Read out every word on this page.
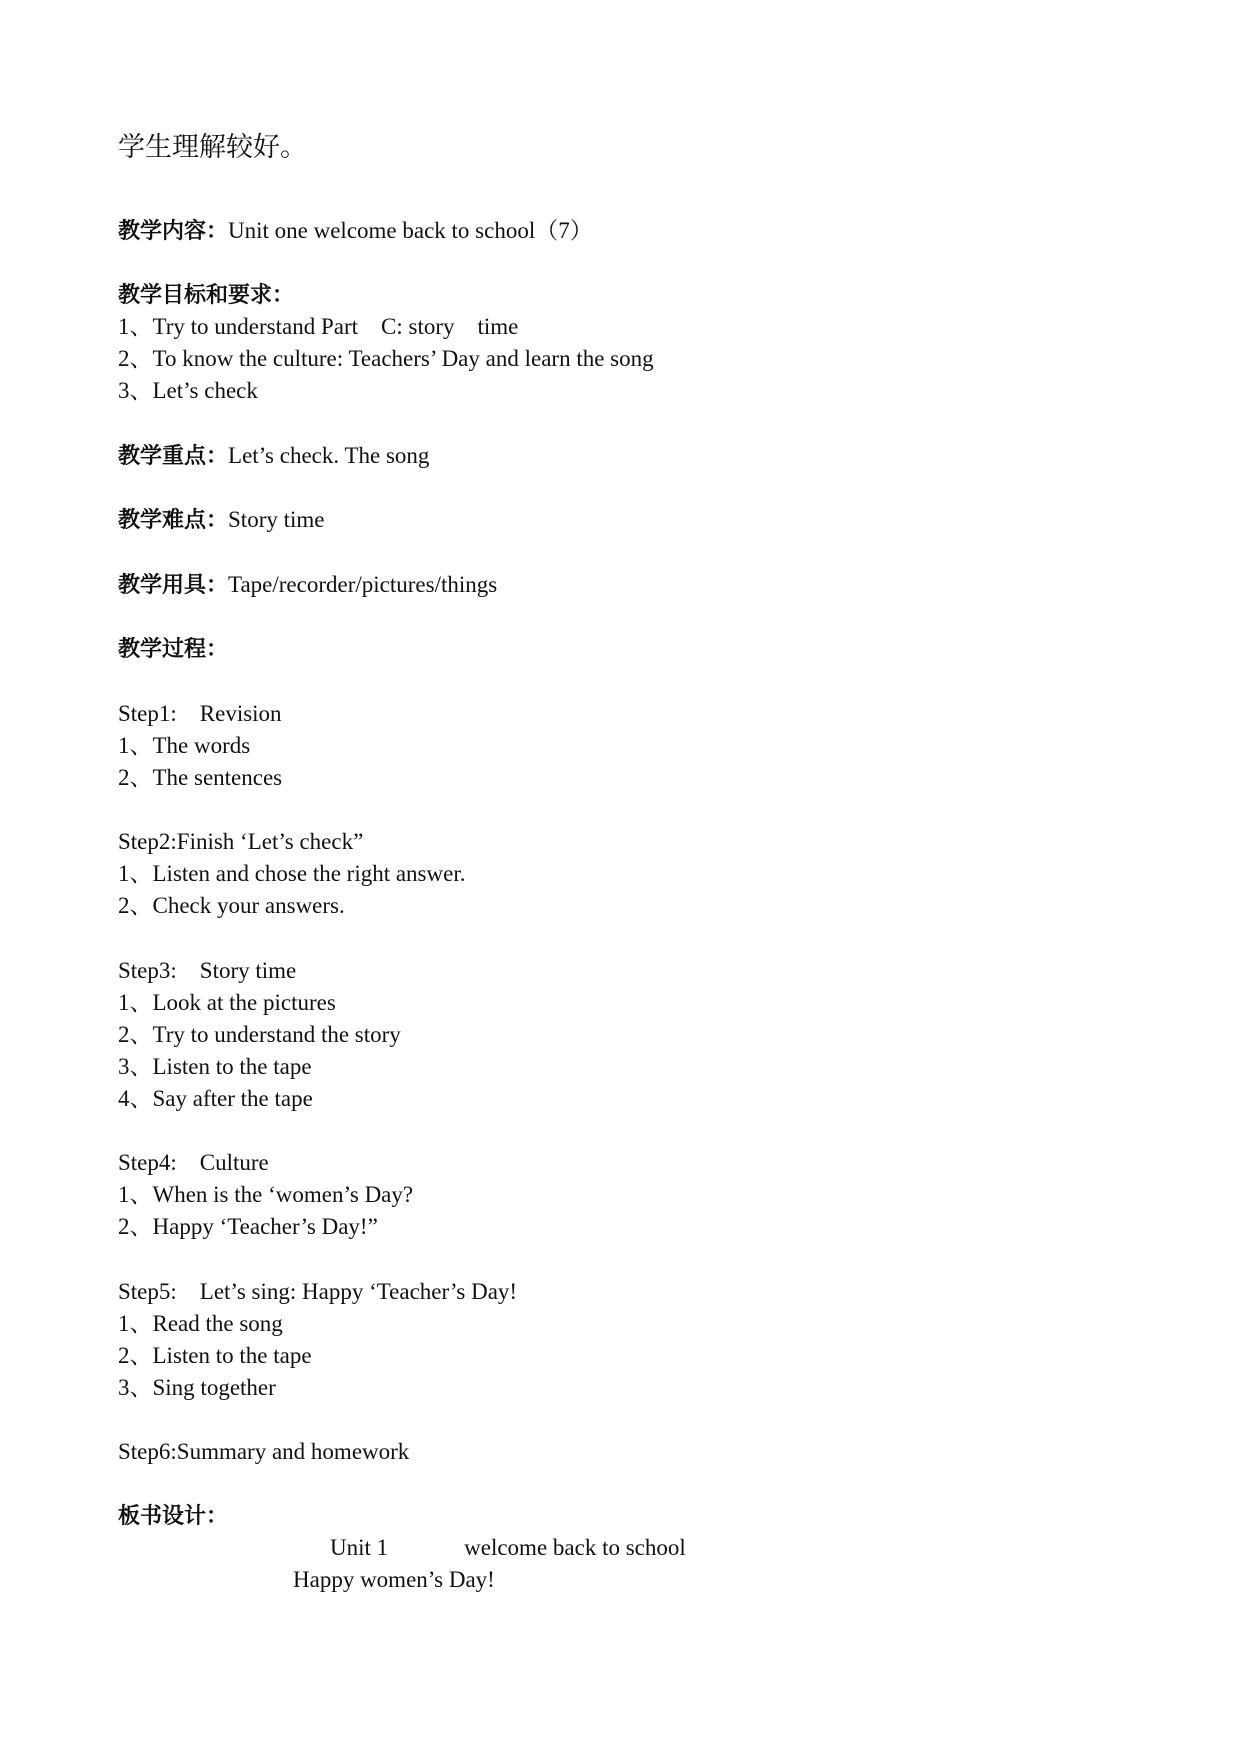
学生理解较好。
教学内容：Unit one welcome back to school（7）
教学目标和要求：
1、Try to understand Part    C: story    time
2、To know the culture: Teachers’ Day and learn the song
3、Let’s check
教学重点：Let’s check. The song
教学难点：Story time
教学用具：Tape/recorder/pictures/things
教学过程：
Step1:    Revision
1、The words
2、The sentences
Step2:Finish ‘Let’s check”
1、Listen and chose the right answer.
2、Check your answers.
Step3:    Story time
1、Look at the pictures
2、Try to understand the story
3、Listen to the tape
4、Say after the tape
Step4:    Culture
1、When is the ‘women’s Day?
2、Happy ‘Teacher’s Day!”
Step5:    Let’s sing: Happy ‘Teacher’s Day!
1、Read the song
2、Listen to the tape
3、Sing together
Step6:Summary and homework
板书设计：
Unit 1	welcome back to school
Happy women’s Day!
